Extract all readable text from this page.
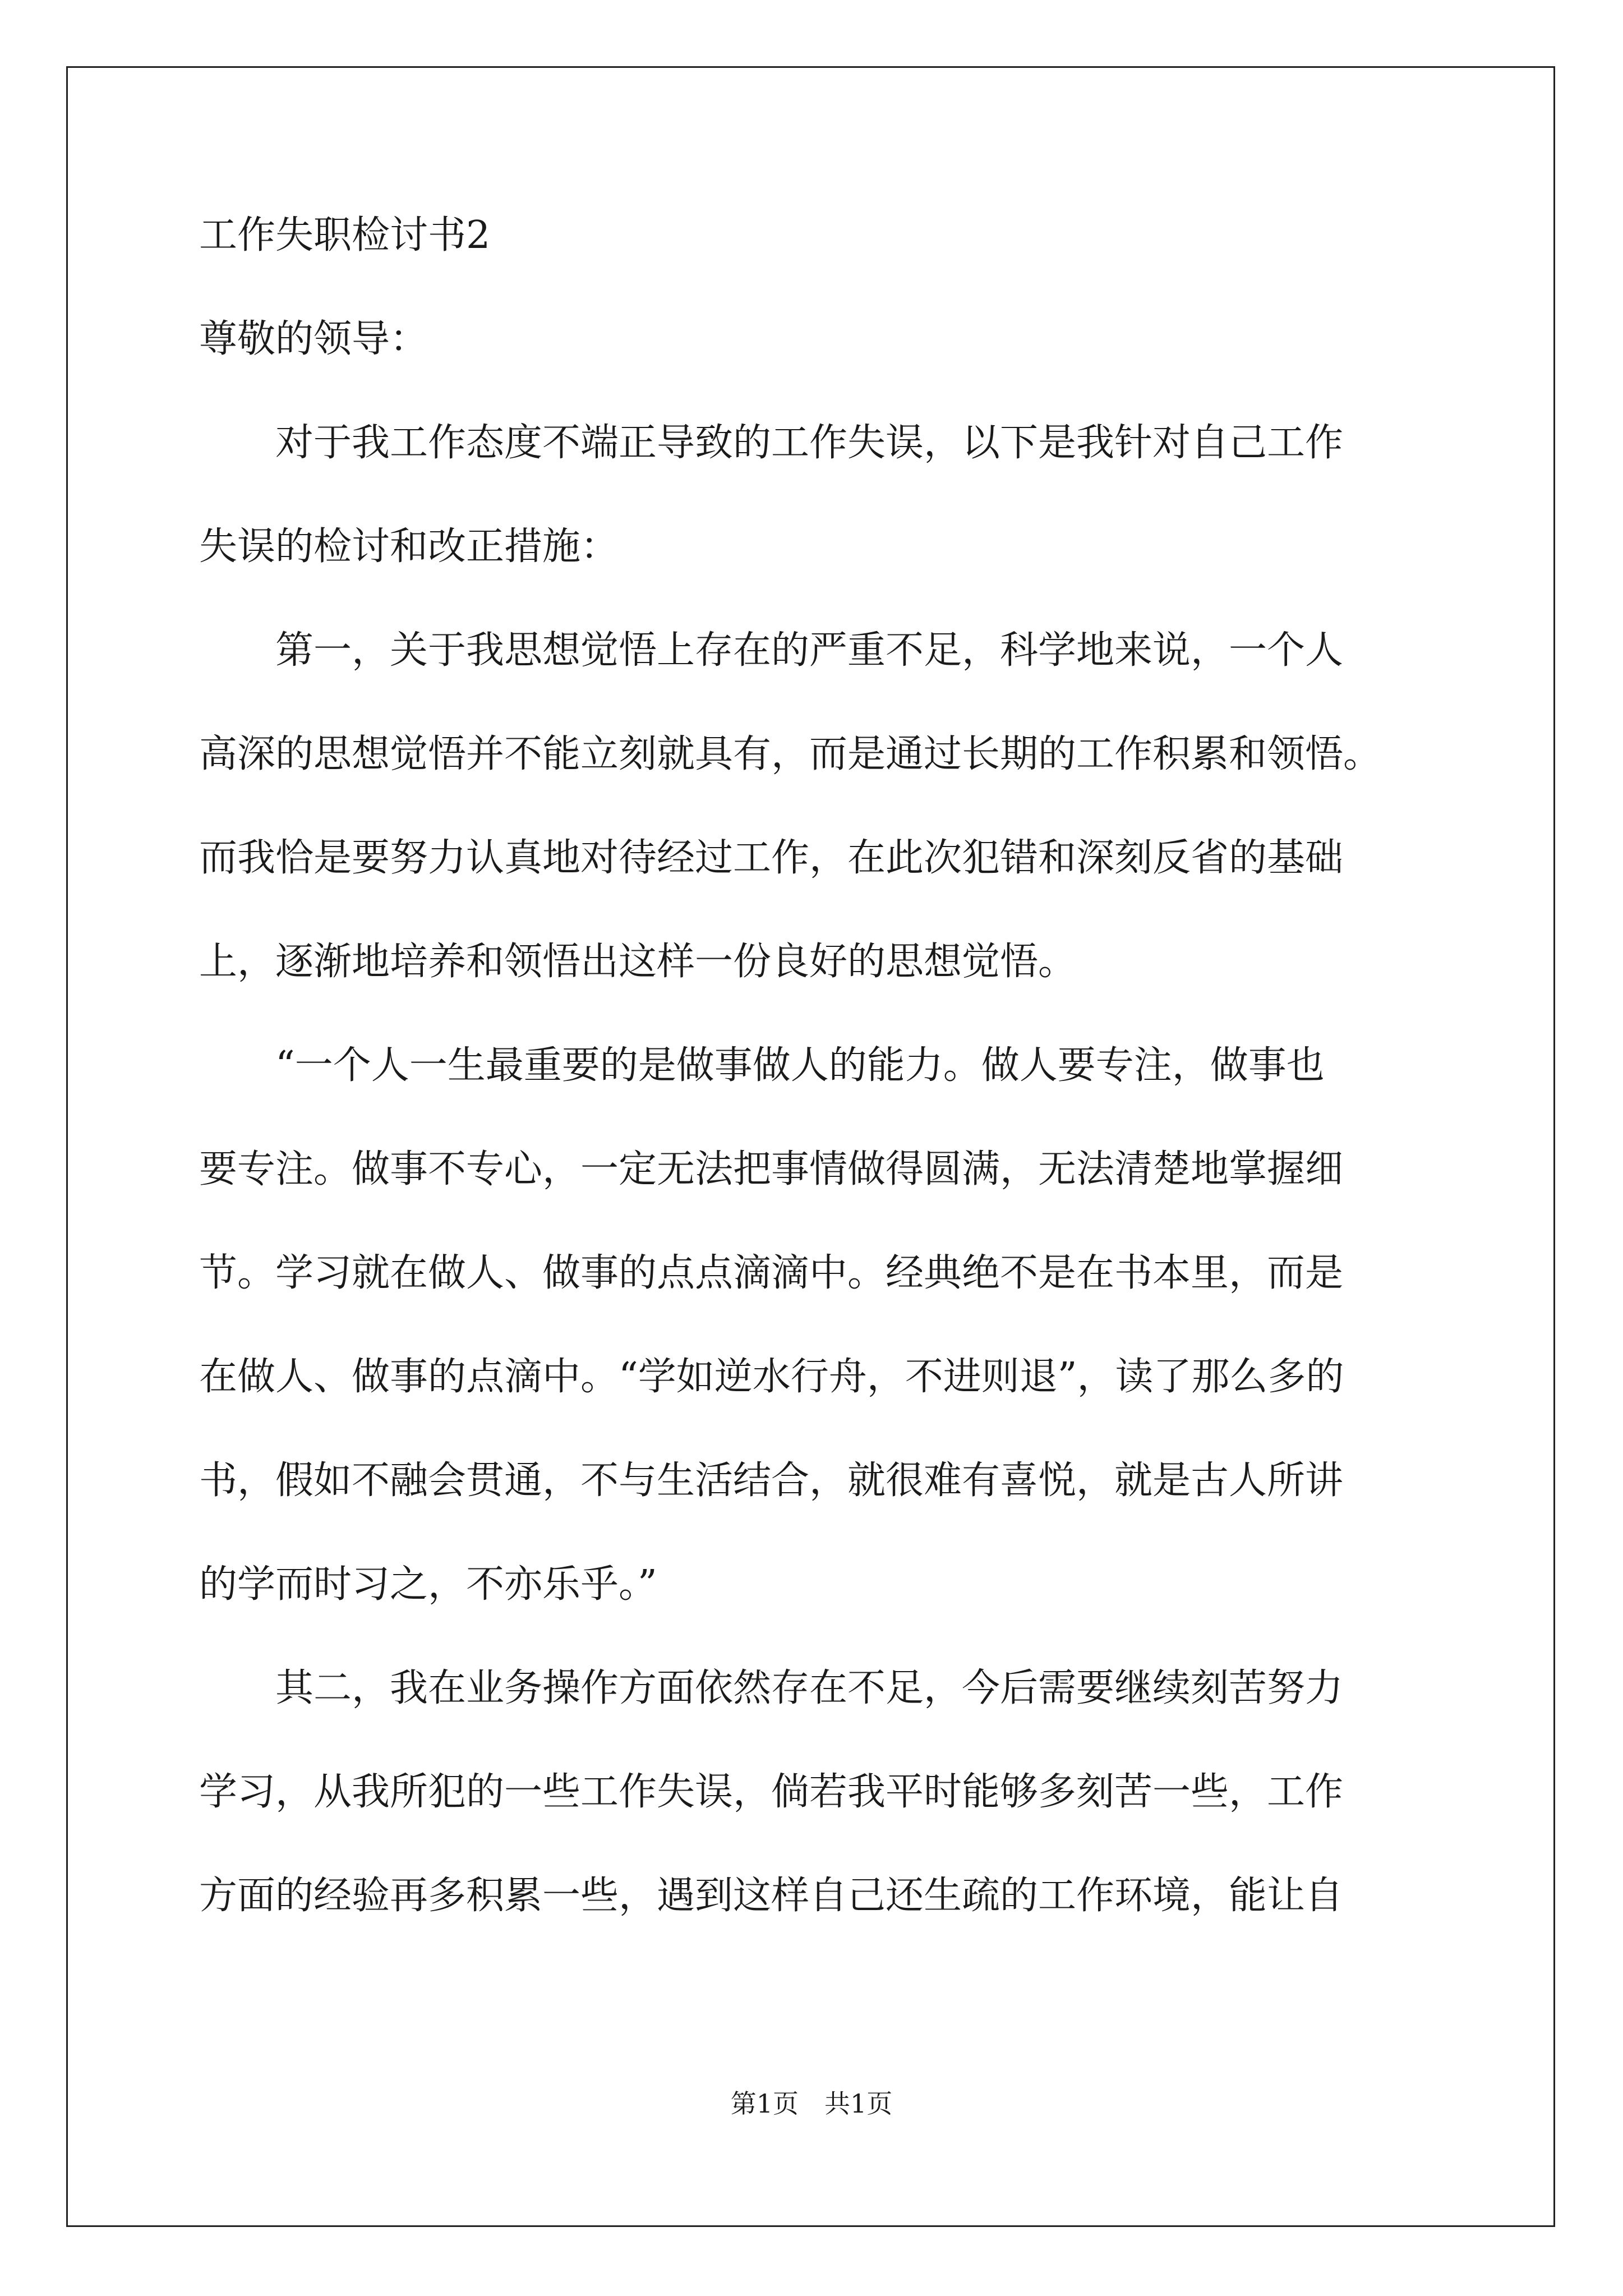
工作失职检讨书2
尊敬的领导：
　　对于我工作态度不端正导致的工作失误，以下是我针对自己工作
失误的检讨和改正措施：
　　第一，关于我思想觉悟上存在的严重不足，科学地来说，一个人
高深的思想觉悟并不能立刻就具有，而是通过长期的工作积累和领悟。
而我恰是要努力认真地对待经过工作，在此次犯错和深刻反省的基础
上，逐渐地培养和领悟出这样一份良好的思想觉悟。
　　“一个人一生最重要的是做事做人的能力。做人要专注，做事也
要专注。做事不专心，一定无法把事情做得圆满，无法清楚地掌握细
节。学习就在做人、做事的点点滴滴中。经典绝不是在书本里，而是
在做人、做事的点滴中。“学如逆水行舟，不进则退”，读了那么多的
书，假如不融会贯通，不与生活结合，就很难有喜悦，就是古人所讲
的学而时习之，不亦乐乎。”
　　其二，我在业务操作方面依然存在不足，今后需要继续刻苦努力
学习，从我所犯的一些工作失误，倘若我平时能够多刻苦一些，工作
方面的经验再多积累一些，遇到这样自己还生疏的工作环境，能让自
第1页　共1页
